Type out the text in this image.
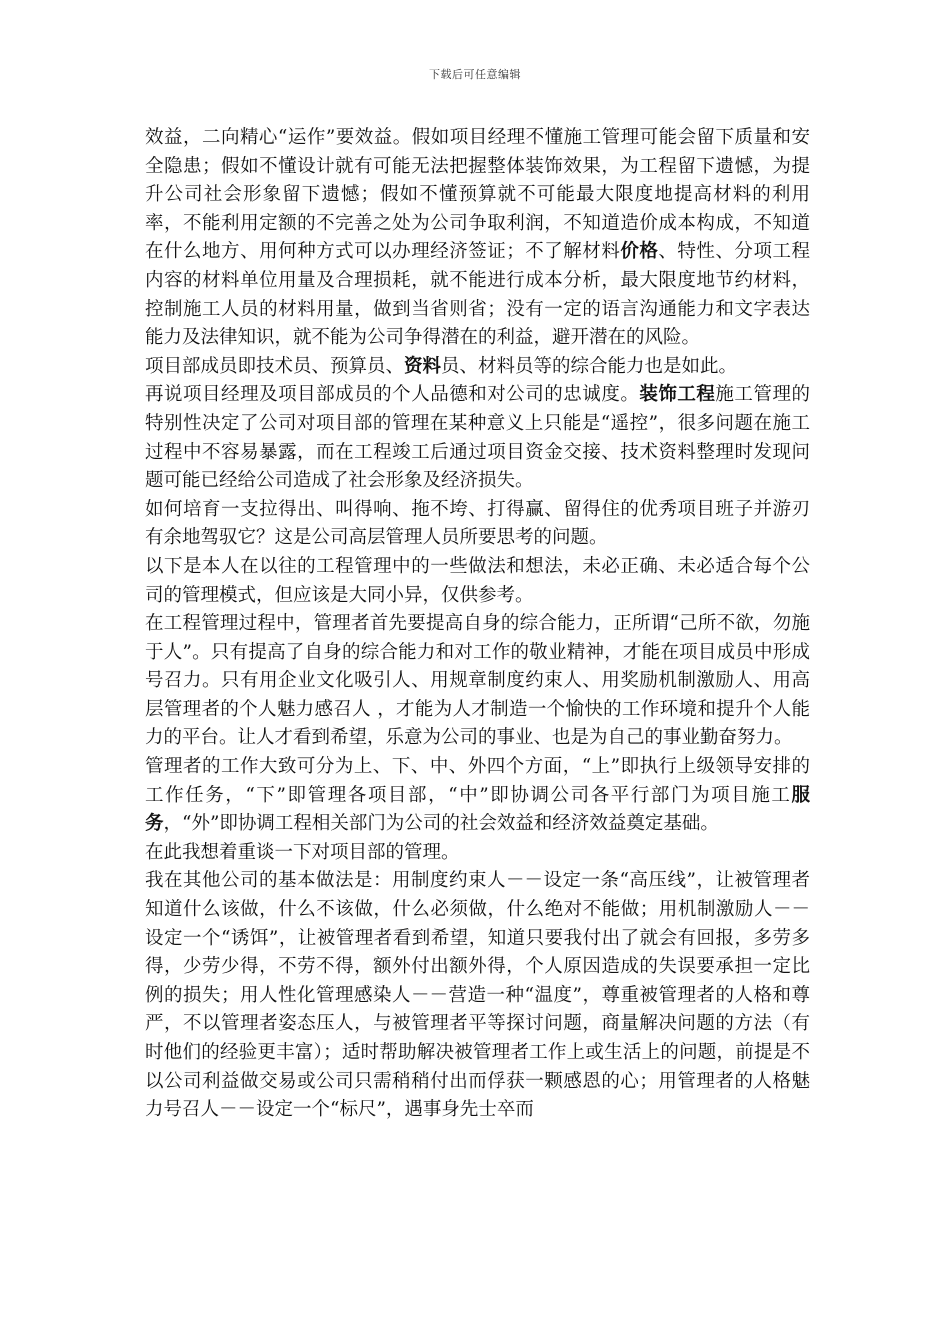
下载后可任意编辑

效益，二向精心“运作”要效益。假如项目经理不懂施工管理可能会留下质量和安全隐患；假如不懂设计就有可能无法把握整体装饰效果，为工程留下遗憾，为提升公司社会形象留下遗憾；假如不懂预算就不可能最大限度地提高材料的利用率，不能利用定额的不完善之处为公司争取利润，不知道造价成本构成，不知道在什么地方、用何种方式可以办理经济签证；不了解材料价格、特性、分项工程内容的材料单位用量及合理损耗，就不能进行成本分析，最大限度地节约材料，控制施工人员的材料用量，做到当省则省；没有一定的语言沟通能力和文字表达能力及法律知识，就不能为公司争得潜在的利益，避开潜在的风险。

项目部成员即技术员、预算员、资料员、材料员等的综合能力也是如此。

再说项目经理及项目部成员的个人品德和对公司的忠诚度。装饰工程施工管理的特别性决定了公司对项目部的管理在某种意义上只能是“遥控”，很多问题在施工过程中不容易暴露，而在工程竣工后通过项目资金交接、技术资料整理时发现问题可能已经给公司造成了社会形象及经济损失。

如何培育一支拉得出、叫得响、拖不垮、打得赢、留得住的优秀项目班子并游刃有余地驾驭它？这是公司高层管理人员所要思考的问题。

以下是本人在以往的工程管理中的一些做法和想法，未必正确、未必适合每个公司的管理模式，但应该是大同小异，仅供参考。

在工程管理过程中，管理者首先要提高自身的综合能力，正所谓“己所不欲，勿施于人”。只有提高了自身的综合能力和对工作的敬业精神，才能在项目成员中形成号召力。只有用企业文化吸引人、用规章制度约束人、用奖励机制激励人、用高层管理者的个人魅力感召人 ，才能为人才制造一个愉快的工作环境和提升个人能力的平台。让人才看到希望，乐意为公司的事业、也是为自己的事业勤奋努力。

管理者的工作大致可分为上、下、中、外四个方面，“上”即执行上级领导安排的工作任务，“下”即管理各项目部，“中”即协调公司各平行部门为项目施工服务，“外”即协调工程相关部门为公司的社会效益和经济效益奠定基础。

在此我想着重谈一下对项目部的管理。

我在其他公司的基本做法是：用制度约束人－－设定一条“高压线”，让被管理者知道什么该做，什么不该做，什么必须做，什么绝对不能做；用机制激励人－－设定一个“诱饵”，让被管理者看到希望，知道只要我付出了就会有回报，多劳多得，少劳少得，不劳不得，额外付出额外得，个人原因造成的失误要承担一定比例的损失；用人性化管理感染人－－营造一种“温度”，尊重被管理者的人格和尊严，不以管理者姿态压人，与被管理者平等探讨问题，商量解决问题的方法（有时他们的经验更丰富）；适时帮助解决被管理者工作上或生活上的问题，前提是不以公司利益做交易或公司只需稍稍付出而俘获一颗感恩的心；用管理者的人格魅力号召人－－设定一个“标尺”，遇事身先士卒而
